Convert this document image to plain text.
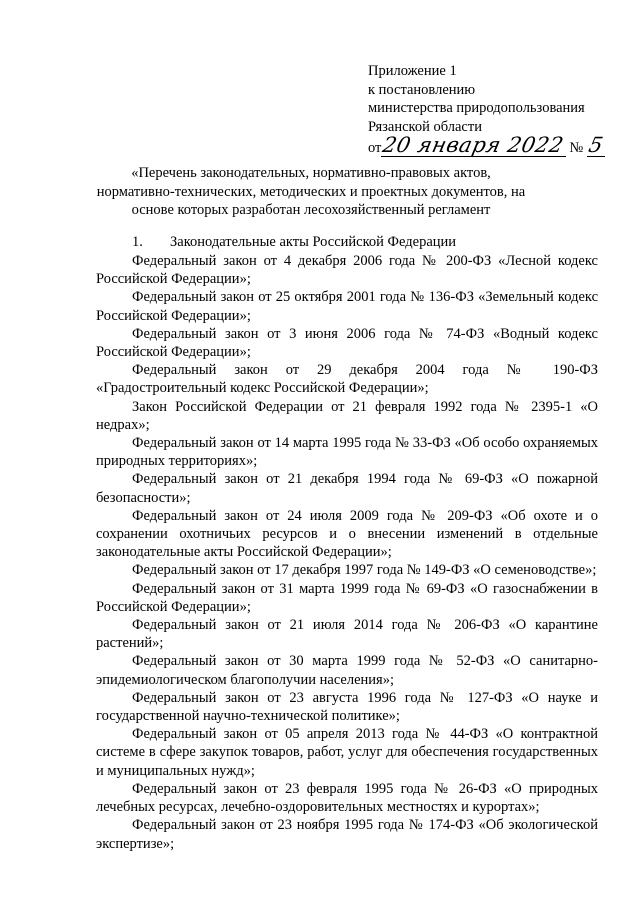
Приложение 1
к постановлению
министерства природопользования
Рязанской области
от20 января 2022 № 5
«Перечень законодательных, нормативно-правовых актов, нормативно-технических, методических и проектных документов, на основе которых разработан лесохозяйственный регламент
1. Законодательные акты Российской Федерации

Федеральный закон от 4 декабря 2006 года № 200-ФЗ «Лесной кодекс Российской Федерации»;

Федеральный закон от 25 октября 2001 года № 136-ФЗ «Земельный кодекс Российской Федерации»;

Федеральный закон от 3 июня 2006 года № 74-ФЗ «Водный кодекс Российской Федерации»;

Федеральный закон от 29 декабря 2004 года № 190-ФЗ «Градостроительный кодекс Российской Федерации»;

Закон Российской Федерации от 21 февраля 1992 года № 2395-1 «О недрах»;

Федеральный закон от 14 марта 1995 года № 33-ФЗ «Об особо охраняемых природных территориях»;

Федеральный закон от 21 декабря 1994 года № 69-ФЗ «О пожарной безопасности»;

Федеральный закон от 24 июля 2009 года № 209-ФЗ «Об охоте и о сохранении охотничьих ресурсов и о внесении изменений в отдельные законодательные акты Российской Федерации»;

Федеральный закон от 17 декабря 1997 года № 149-ФЗ «О семеноводстве»;

Федеральный закон от 31 марта 1999 года № 69-ФЗ «О газоснабжении в Российской Федерации»;

Федеральный закон от 21 июля 2014 года № 206-ФЗ «О карантине растений»;

Федеральный закон от 30 марта 1999 года № 52-ФЗ «О санитарно-эпидемиологическом благополучии населения»;

Федеральный закон от 23 августа 1996 года № 127-ФЗ «О науке и государственной научно-технической политике»;

Федеральный закон от 05 апреля 2013 года № 44-ФЗ «О контрактной системе в сфере закупок товаров, работ, услуг для обеспечения государственных и муниципальных нужд»;

Федеральный закон от 23 февраля 1995 года № 26-ФЗ «О природных лечебных ресурсах, лечебно-оздоровительных местностях и курортах»;

Федеральный закон от 23 ноября 1995 года № 174-ФЗ «Об экологической экспертизе»;
